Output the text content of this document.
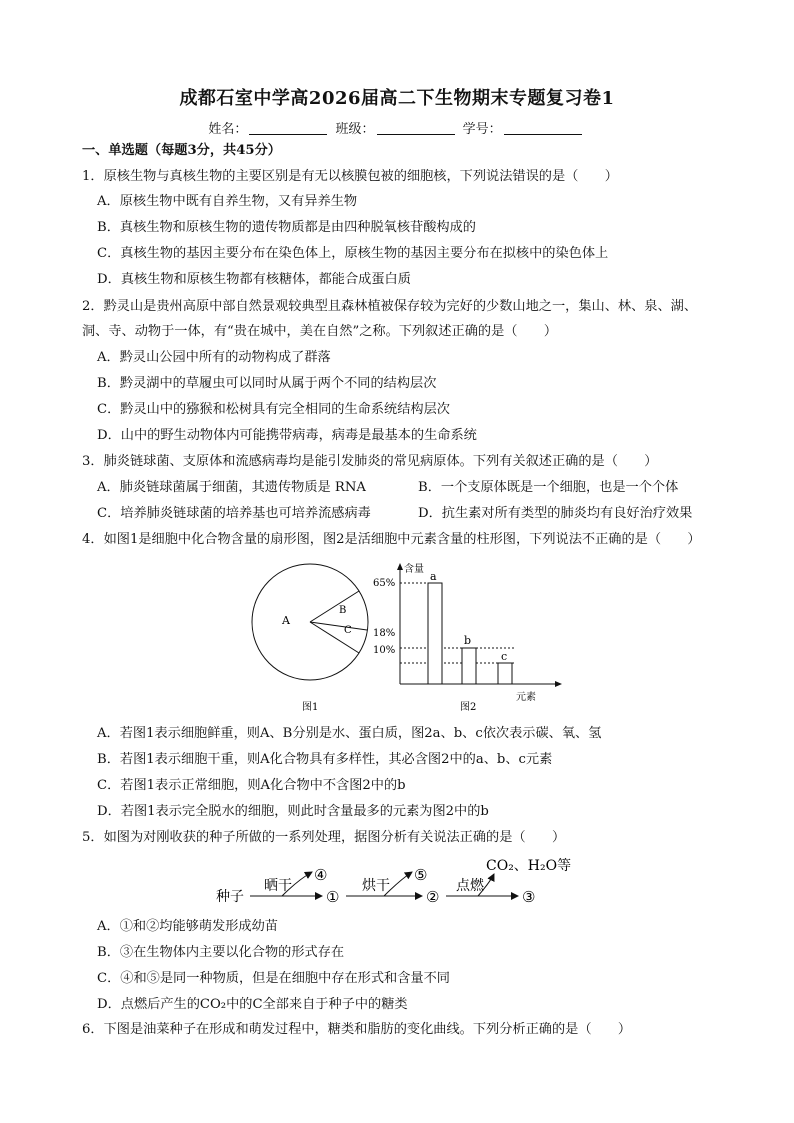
成都石室中学高2026届高二下生物期末专题复习卷1
姓名：	班级：	学号：
一、单选题（每题3分，共45分）
1．原核生物与真核生物的主要区别是有无以核膜包被的细胞核，下列说法错误的是（　　）
A．原核生物中既有自养生物，又有异养生物
B．真核生物和原核生物的遗传物质都是由四种脱氧核苷酸构成的
C．真核生物的基因主要分布在染色体上，原核生物的基因主要分布在拟核中的染色体上
D．真核生物和原核生物都有核糖体，都能合成蛋白质
2．黔灵山是贵州高原中部自然景观较典型且森林植被保存较为完好的少数山地之一，集山、林、泉、湖、
洞、寺、动物于一体，有“贵在城中，美在自然”之称。下列叙述正确的是（　　）
A．黔灵山公园中所有的动物构成了群落
B．黔灵湖中的草履虫可以同时从属于两个不同的结构层次
C．黔灵山中的猕猴和松树具有完全相同的生命系统结构层次
D．山中的野生动物体内可能携带病毒，病毒是最基本的生命系统
3．肺炎链球菌、支原体和流感病毒均是能引发肺炎的常见病原体。下列有关叙述正确的是（　　）
A．肺炎链球菌属于细菌，其遗传物质是 RNA	B．一个支原体既是一个细胞，也是一个个体
C．培养肺炎链球菌的培养基也可培养流感病毒	D．抗生素对所有类型的肺炎均有良好治疗效果
4．如图1是细胞中化合物含量的扇形图，图2是活细胞中元素含量的柱形图，下列说法不正确的是（　　）
A
B
C
图1
含量
元素
图2
65%
18%
10%
a
b
c
A．若图1表示细胞鲜重，则A、B分别是水、蛋白质，图2a、b、c依次表示碳、氧、氢
B．若图1表示细胞干重，则A化合物具有多样性，其必含图2中的a、b、c元素
C．若图1表示正常细胞，则A化合物中不含图2中的b
D．若图1表示完全脱水的细胞，则此时含量最多的元素为图2中的b
5．如图为对刚收获的种子所做的一系列处理，据图分析有关说法正确的是（　　）
种子
晒干
④
①
烘干
⑤
②
点燃
CO₂、H₂O等
③
A．①和②均能够萌发形成幼苗
B．③在生物体内主要以化合物的形式存在
C．④和⑤是同一种物质，但是在细胞中存在形式和含量不同
D．点燃后产生的CO₂中的C全部来自于种子中的糖类
6．下图是油菜种子在形成和萌发过程中，糖类和脂肪的变化曲线。下列分析正确的是（　　）
